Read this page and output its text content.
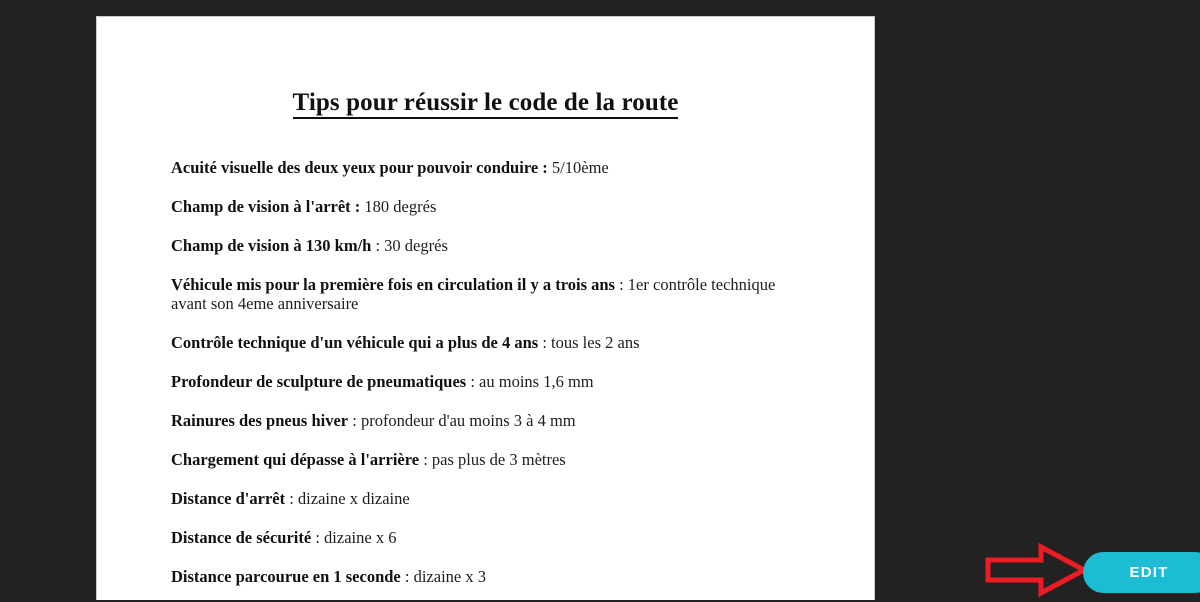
Tips pour réussir le code de la route

Acuité visuelle des deux yeux pour pouvoir conduire : 5/10ème

Champ de vision à l'arrêt : 180 degrés

Champ de vision à 130 km/h : 30 degrés

Véhicule mis pour la première fois en circulation il y a trois ans : 1er contrôle technique avant son 4eme anniversaire

Contrôle technique d'un véhicule qui a plus de 4 ans : tous les 2 ans

Profondeur de sculpture de pneumatiques : au moins 1,6 mm

Rainures des pneus hiver : profondeur d'au moins 3 à 4 mm

Chargement qui dépasse à l'arrière : pas plus de 3 mètres

Distance d'arrêt : dizaine x dizaine

Distance de sécurité : dizaine x 6

Distance parcourue en 1 seconde : dizaine x 3	EDIT
